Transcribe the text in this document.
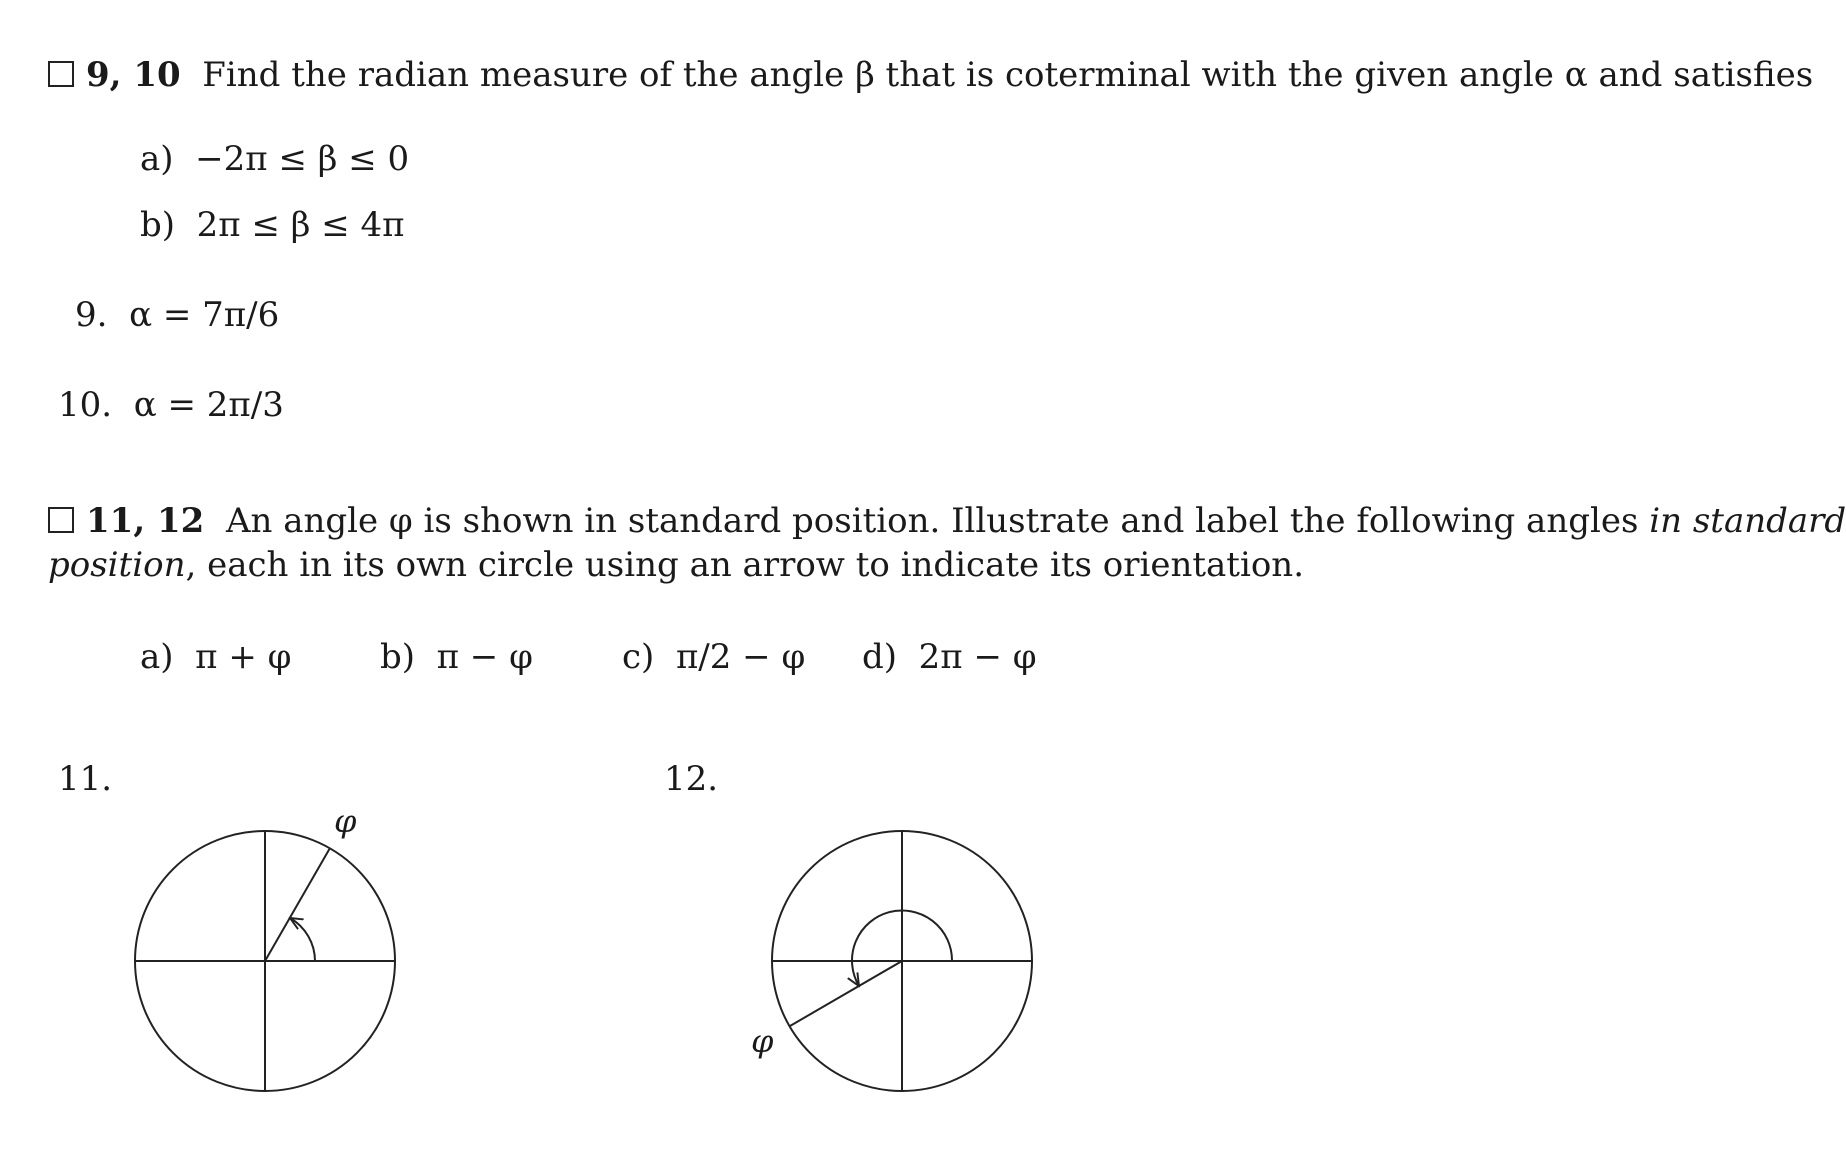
9, 10 Find the radian measure of the angle β that is coterminal with the given angle α and satisfies
a) −2π ≤ β ≤ 0
b) 2π ≤ β ≤ 4π
9. α = 7π/6
10. α = 2π/3
11, 12 An angle φ is shown in standard position. Illustrate and label the following angles in standard
position, each in its own circle using an arrow to indicate its orientation.
a) π + φ	b) π − φ	c) π/2 − φ d) 2π − φ
11.	12.
φ
φ
